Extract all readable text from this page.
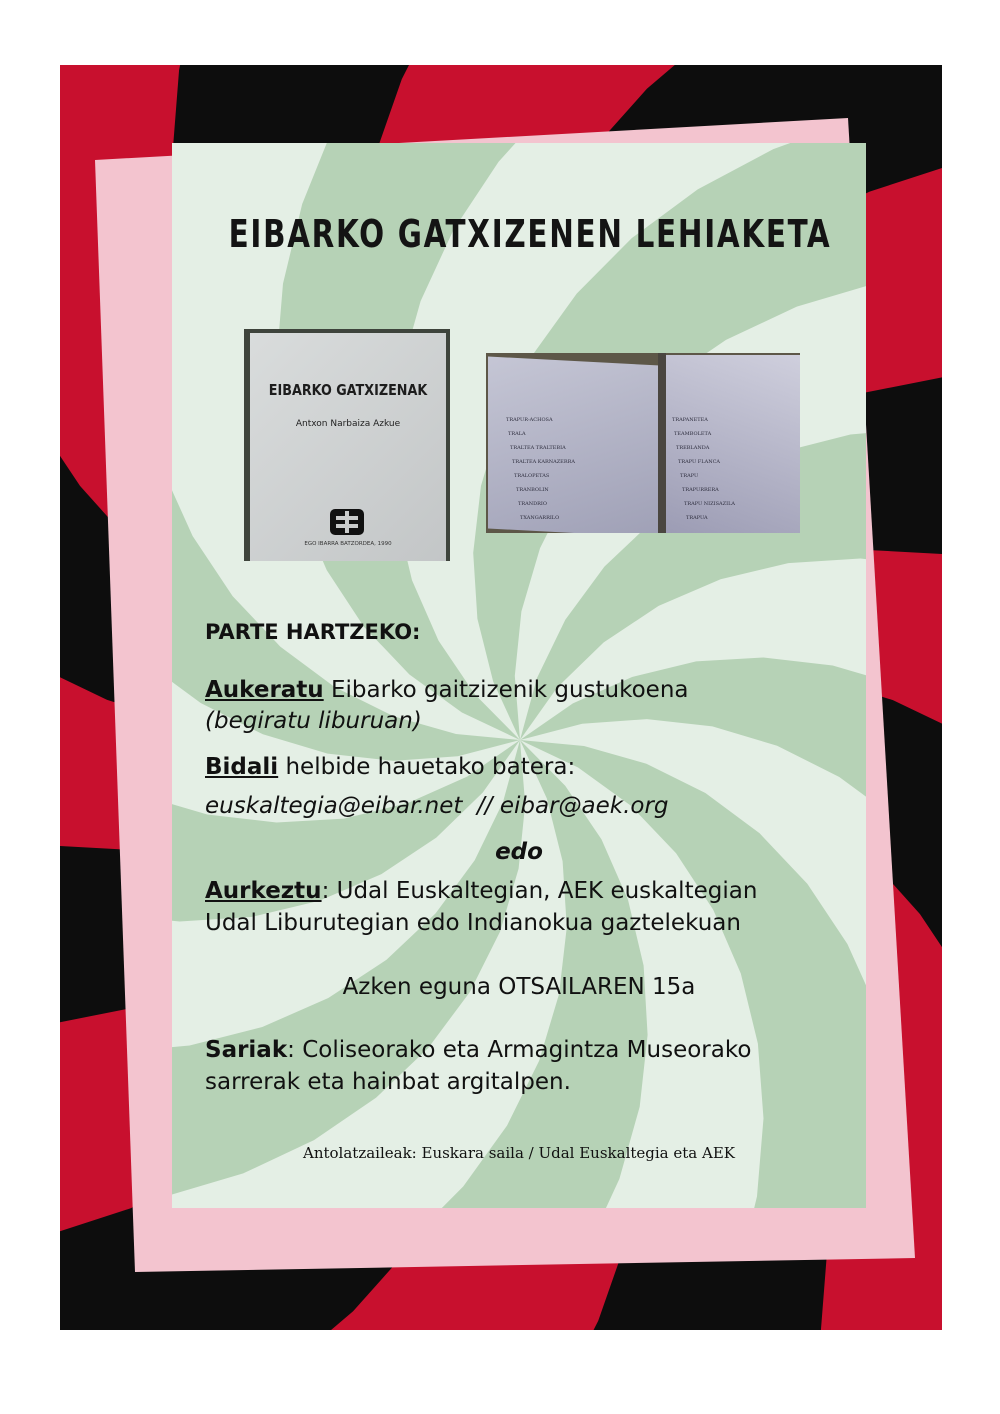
EIBARKO GATXIZENEN LEHIAKETA
EIBARKO GATXIZENAK
Antxon Narbaiza Azkue
EGO IBARRA BATZORDEA, 1990
TRAPUR-ACHOSA
TRALA
TRALTEA TRALTEBIA
TRALTEA KARNAZERRA
TRALOPETAS
TRANBOLIN
TRANDRIO
TXANGARRILO
TRAPANETEA
TEAMBOLETA
TREBLANDA
TRAPU FLANCA
TRAPU
TRAPURRERA
TRAPU NIZISAZILA
TRAPUA
PARTE HARTZEKO:
Aukeratu Eibarko gaitzizenik gustukoena
(begiratu liburuan)
Bidali helbide hauetako batera:
euskaltegia@eibar.net  // eibar@aek.org
edo
Aurkeztu: Udal Euskaltegian, AEK euskaltegian
Udal Liburutegian edo Indianokua gaztelekuan
Azken eguna OTSAILAREN 15a
Sariak: Coliseorako eta Armagintza Museorako
sarrerak eta hainbat argitalpen.
Antolatzaileak: Euskara saila / Udal Euskaltegia eta AEK
